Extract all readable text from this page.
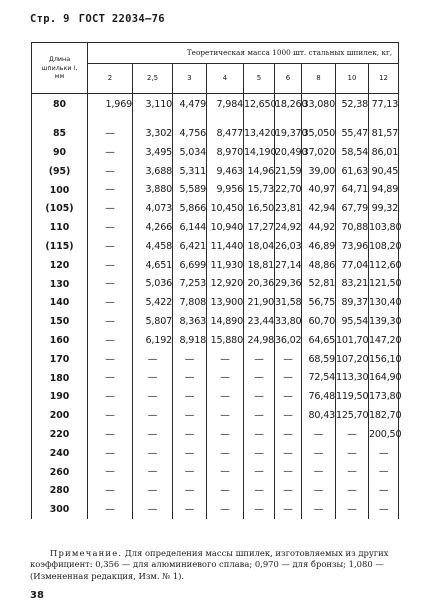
Стр. 9 ГОСТ 22034—76
Длина
шпильки l,
мм	Теоретическая масса 1000 шт. стальных шпилек, кг,								
	2	2,5	3	4	5	6	8	10	12
80	1,969	3,110	4,479	7,984	12,650	18,260	33,080	52,38	77,13
85	—	3,302	4,756	8,477	13,420	19,370	35,050	55,47	81,57
90	—	3,495	5,034	8,970	14,190	20,490	37,020	58,54	86,01
(95)	—	3,688	5,311	9,463	14,96	21,59	39,00	61,63	90,45
100	—	3,880	5,589	9,956	15,73	22,70	40,97	64,71	94,89
(105)	—	4,073	5,866	10,450	16,50	23,81	42,94	67,79	99,32
110	—	4,266	6,144	10,940	17,27	24,92	44,92	70,88	103,80
(115)	—	4,458	6,421	11,440	18,04	26,03	46,89	73,96	108,20
120	—	4,651	6,699	11,930	18,81	27,14	48,86	77,04	112,60
130	—	5,036	7,253	12,920	20,36	29,36	52,81	83,21	121,50
140	—	5,422	7,808	13,900	21,90	31,58	56,75	89,37	130,40
150	—	5,807	8,363	14,890	23,44	33,80	60,70	95,54	139,30
160	—	6,192	8,918	15,880	24,98	36,02	64,65	101,70	147,20
170	—	—	—	—	—	—	68,59	107,20	156,10
180	—	—	—	—	—	—	72,54	113,30	164,90
190	—	—	—	—	—	—	76,48	119,50	173,80
200	—	—	—	—	—	—	80,43	125,70	182,70
220	—	—	—	—	—	—	—	—	200,50
240	—	—	—	—	—	—	—	—	—
260	—	—	—	—	—	—	—	—	—
280	—	—	—	—	—	—	—	—	—
300	—	—	—	—	—	—	—	—	—
Примечание. Для определения массы шпилек, изготовляемых из других
коэффициент: 0,356 — для алюминиевого сплава; 0,970 — для бронзы; 1,080 —
(Измененная редакция, Изм. № 1).
38
